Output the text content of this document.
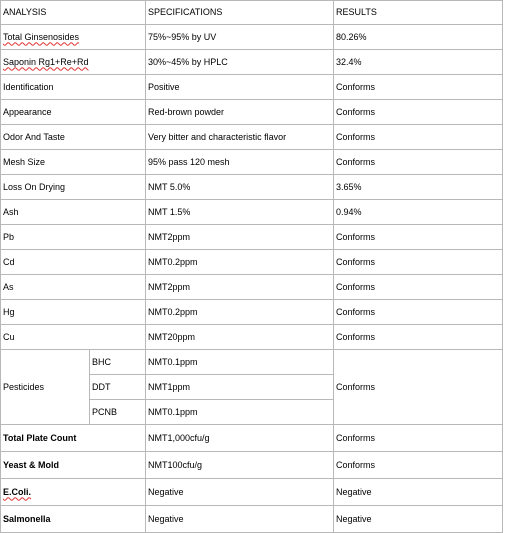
ANALYSIS		SPECIFICATIONS	RESULTS
Total Ginsenosides		75%~95% by UV	80.26%
Saponin Rg1+Re+Rd		30%~45% by HPLC	32.4%
Identification		Positive	Conforms
Appearance		Red-brown powder	Conforms
Odor And Taste		Very bitter and characteristic flavor	Conforms
Mesh Size		95% pass 120 mesh	Conforms
Loss On Drying		NMT 5.0%	3.65%
Ash		NMT 1.5%	0.94%
Pb		NMT2ppm	Conforms
Cd		NMT0.2ppm	Conforms
As		NMT2ppm	Conforms
Hg		NMT0.2ppm	Conforms
Cu		NMT20ppm	Conforms
Pesticides	BHC	NMT0.1ppm	Conforms
	DDT	NMT1ppm	
	PCNB	NMT0.1ppm	
Total Plate Count		NMT1,000cfu/g	Conforms
Yeast & Mold		NMT100cfu/g	Conforms
E.Coli.		Negative	Negative
Salmonella		Negative	Negative
